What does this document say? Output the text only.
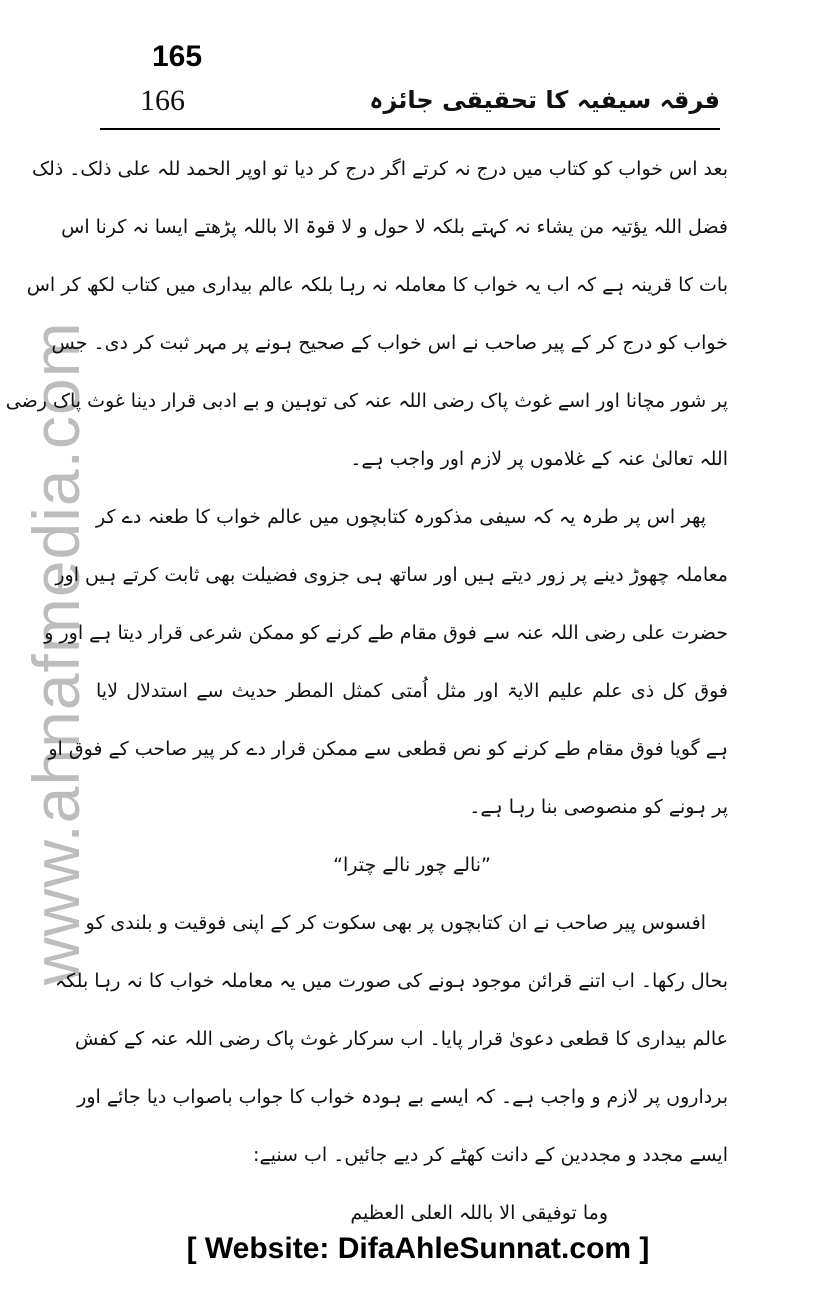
www.ahnafmedia.com
165
166	فرقہ سیفیہ کا تحقیقی جائزہ
بعد اس خواب کو کتاب میں درج نہ کرتے اگر درج کر دیا تو اوپر الحمد للہ علی ذلک۔ ذلک
فضل اللہ یؤتیہ من یشاء نہ کہتے بلکہ لا حول و لا قوۃ الا باللہ پڑھتے ایسا نہ کرنا اس
بات کا قرینہ ہے کہ اب یہ خواب کا معاملہ نہ رہا بلکہ عالم بیداری میں کتاب لکھ کر اس
خواب کو درج کر کے پیر صاحب نے اس خواب کے صحیح ہونے پر مہر ثبت کر دی۔ جس
پر شور مچانا اور اسے غوث پاک رضی اللہ عنہ کی توہین و بے ادبی قرار دینا غوث پاک رضی
اللہ تعالیٰ عنہ کے غلاموں پر لازم اور واجب ہے۔
پھر اس پر طرہ یہ کہ سیفی مذکورہ کتابچوں میں عالم خواب کا طعنہ دے کر
معاملہ چھوڑ دینے پر زور دیتے ہیں اور ساتھ ہی جزوی فضیلت بھی ثابت کرتے ہیں اور
حضرت علی رضی اللہ عنہ سے فوق مقام طے کرنے کو ممکن شرعی قرار دیتا ہے اور و
فوق کل ذی علم علیم الایۃ اور مثل اُمتی کمثل المطر حدیث سے استدلال لایا
ہے گویا فوق مقام طے کرنے کو نص قطعی سے ممکن قرار دے کر پیر صاحب کے فوق او
پر ہونے کو منصوصی بنا رہا ہے۔
”نالے چور نالے چترا“
افسوس پیر صاحب نے ان کتابچوں پر بھی سکوت کر کے اپنی فوقیت و بلندی کو
بحال رکھا۔ اب اتنے قرائن موجود ہونے کی صورت میں یہ معاملہ خواب کا نہ رہا بلکہ
عالم بیداری کا قطعی دعویٰ قرار پایا۔ اب سرکار غوث پاک رضی اللہ عنہ کے کفش
برداروں پر لازم و واجب ہے۔ کہ ایسے بے ہودہ خواب کا جواب باصواب دیا جائے اور
ایسے مجدد و مجددین کے دانت کھٹے کر دیے جائیں۔ اب سنیے:
وما توفیقی الا باللہ العلی العظیم
[ Website: DifaAhleSunnat.com ]
